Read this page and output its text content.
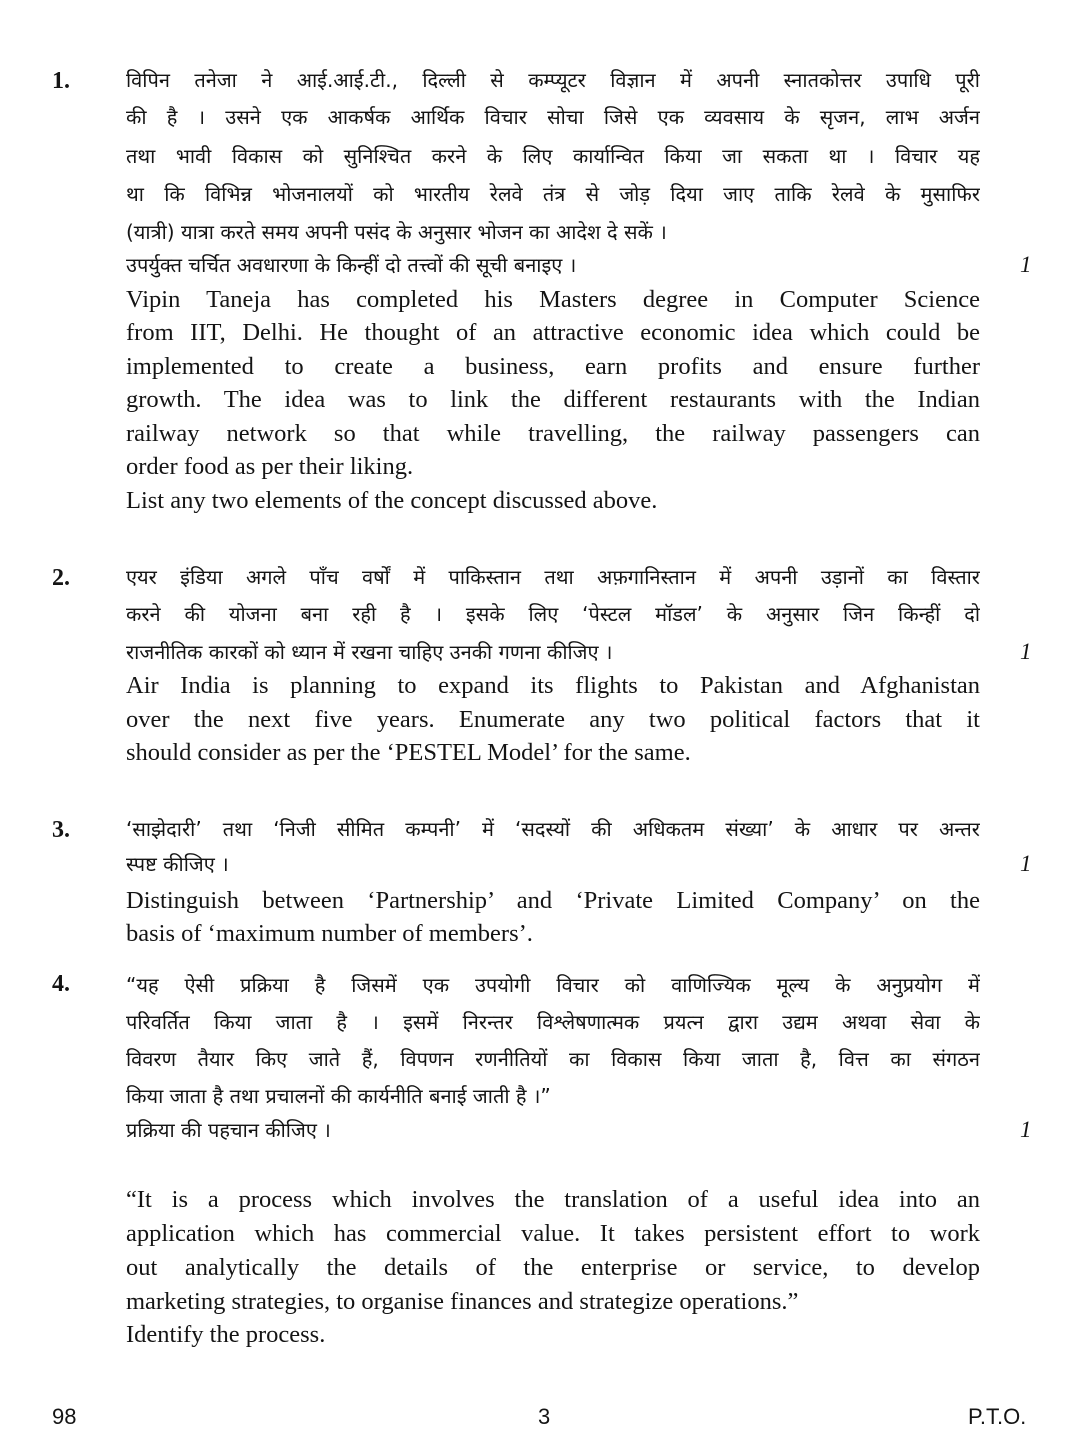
1.	विपिन तनेजा ने आई.आई.टी., दिल्ली से कम्प्यूटर विज्ञान में अपनी स्नातकोत्तर उपाधि पूरी
की है । उसने एक आकर्षक आर्थिक विचार सोचा जिसे एक व्यवसाय के सृजन, लाभ अर्जन
तथा भावी विकास को सुनिश्चित करने के लिए कार्यान्वित किया जा सकता था । विचार यह
था कि विभिन्न भोजनालयों को भारतीय रेलवे तंत्र से जोड़ दिया जाए ताकि रेलवे के मुसाफिर
(यात्री) यात्रा करते समय अपनी पसंद के अनुसार भोजन का आदेश दे सकें ।
उपर्युक्त चर्चित अवधारणा के किन्हीं दो तत्त्वों की सूची बनाइए ।	1
Vipin Taneja has completed his Masters degree in Computer Science
from IIT, Delhi. He thought of an attractive economic idea which could be
implemented to create a business, earn profits and ensure further
growth. The idea was to link the different restaurants with the Indian
railway network so that while travelling, the railway passengers can
order food as per their liking.
List any two elements of the concept discussed above.
2.	एयर इंडिया अगले पाँच वर्षों में पाकिस्तान तथा अफ़गानिस्तान में अपनी उड़ानों का विस्तार
करने की योजना बना रही है । इसके लिए ‘पेस्टल मॉडल’ के अनुसार जिन किन्हीं दो
राजनीतिक कारकों को ध्यान में रखना चाहिए उनकी गणना कीजिए ।	1
Air India is planning to expand its flights to Pakistan and Afghanistan
over the next five years. Enumerate any two political factors that it
should consider as per the ‘PESTEL Model’ for the same.
3.	‘साझेदारी’ तथा ‘निजी सीमित कम्पनी’ में ‘सदस्यों की अधिकतम संख्या’ के आधार पर अन्तर
स्पष्ट कीजिए ।	1
Distinguish between ‘Partnership’ and ‘Private Limited Company’ on the
basis of ‘maximum number of members’.
4.	“यह ऐसी प्रक्रिया है जिसमें एक उपयोगी विचार को वाणिज्यिक मूल्य के अनुप्रयोग में
परिवर्तित किया जाता है । इसमें निरन्तर विश्लेषणात्मक प्रयत्न द्वारा उद्यम अथवा सेवा के
विवरण तैयार किए जाते हैं, विपणन रणनीतियों का विकास किया जाता है, वित्त का संगठन
किया जाता है तथा प्रचालनों की कार्यनीति बनाई जाती है ।”
प्रक्रिया की पहचान कीजिए ।	1
“It is a process which involves the translation of a useful idea into an
application which has commercial value. It takes persistent effort to work
out analytically the details of the enterprise or service, to develop
marketing strategies, to organise finances and strategize operations.”
Identify the process.
98	3	P.T.O.
